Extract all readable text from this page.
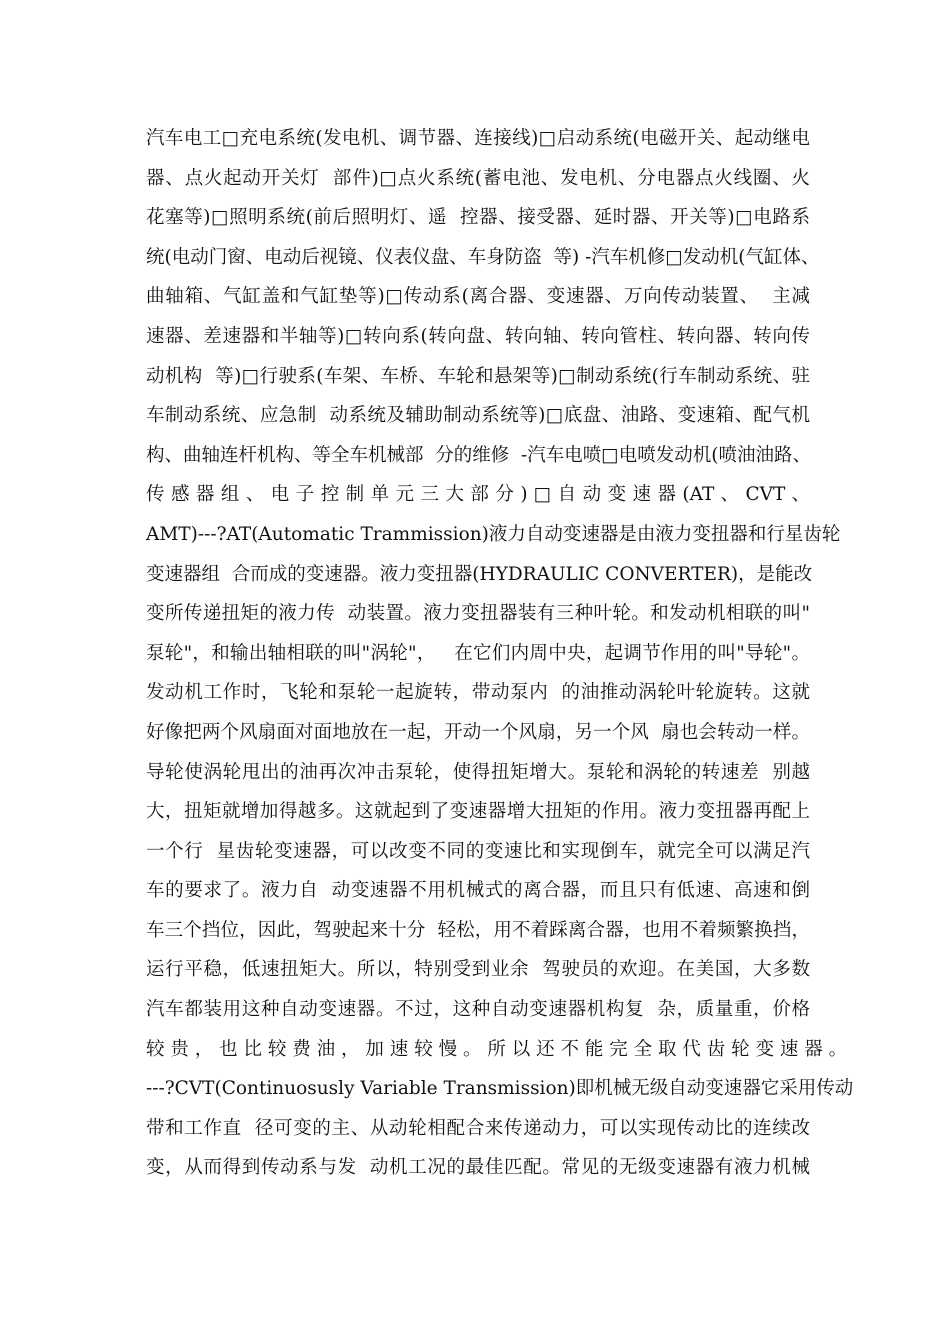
汽车电工□充电系统(发电机、调节器、连接线)□启动系统(电磁开关、起动继电
器、点火起动开关灯  部件)□点火系统(蓄电池、发电机、分电器点火线圈、火
花塞等)□照明系统(前后照明灯、遥  控器、接受器、延时器、开关等)□电路系
统(电动门窗、电动后视镜、仪表仪盘、车身防盗  等) -汽车机修□发动机(气缸体、
曲轴箱、气缸盖和气缸垫等)□传动系(离合器、变速器、万向传动装置、  主减
速器、差速器和半轴等)□转向系(转向盘、转向轴、转向管柱、转向器、转向传
动机构  等)□行驶系(车架、车桥、车轮和悬架等)□制动系统(行车制动系统、驻
车制动系统、应急制  动系统及辅助制动系统等)□底盘、油路、变速箱、配气机
构、曲轴连杆机构、等全车机械部  分的维修  -汽车电喷□电喷发动机(喷油油路、
传 感 器 组 、 电 子 控 制 单 元 三 大 部 分 ) □ 自 动 变 速 器 (AT 、 CVT 、
AMT)---?AT(Automatic Trammission)液力自动变速器是由液力变扭器和行星齿轮
变速器组  合而成的变速器。液力变扭器(HYDRAULIC CONVERTER)，是能改
变所传递扭矩的液力传  动装置。液力变扭器装有三种叶轮。和发动机相联的叫"
泵轮"，和输出轴相联的叫"涡轮"，   在它们内周中央，起调节作用的叫"导轮"。
发动机工作时，飞轮和泵轮一起旋转，带动泵内  的油推动涡轮叶轮旋转。这就
好像把两个风扇面对面地放在一起，开动一个风扇，另一个风  扇也会转动一样。
导轮使涡轮甩出的油再次冲击泵轮，使得扭矩增大。泵轮和涡轮的转速差  别越
大，扭矩就增加得越多。这就起到了变速器增大扭矩的作用。液力变扭器再配上
一个行  星齿轮变速器，可以改变不同的变速比和实现倒车，就完全可以满足汽
车的要求了。液力自  动变速器不用机械式的离合器，而且只有低速、高速和倒
车三个挡位，因此，驾驶起来十分  轻松，用不着踩离合器，也用不着频繁换挡，
运行平稳，低速扭矩大。所以，特别受到业余  驾驶员的欢迎。在美国，大多数
汽车都装用这种自动变速器。不过，这种自动变速器机构复  杂，质量重，价格
较 贵 ， 也 比 较 费 油 ， 加 速 较 慢 。 所 以 还 不 能 完 全 取 代 齿 轮 变 速 器 。
---?CVT(Continuosusly Variable Transmission)即机械无级自动变速器它采用传动
带和工作直  径可变的主、从动轮相配合来传递动力，可以实现传动比的连续改
变，从而得到传动系与发  动机工况的最佳匹配。常见的无级变速器有液力机械
